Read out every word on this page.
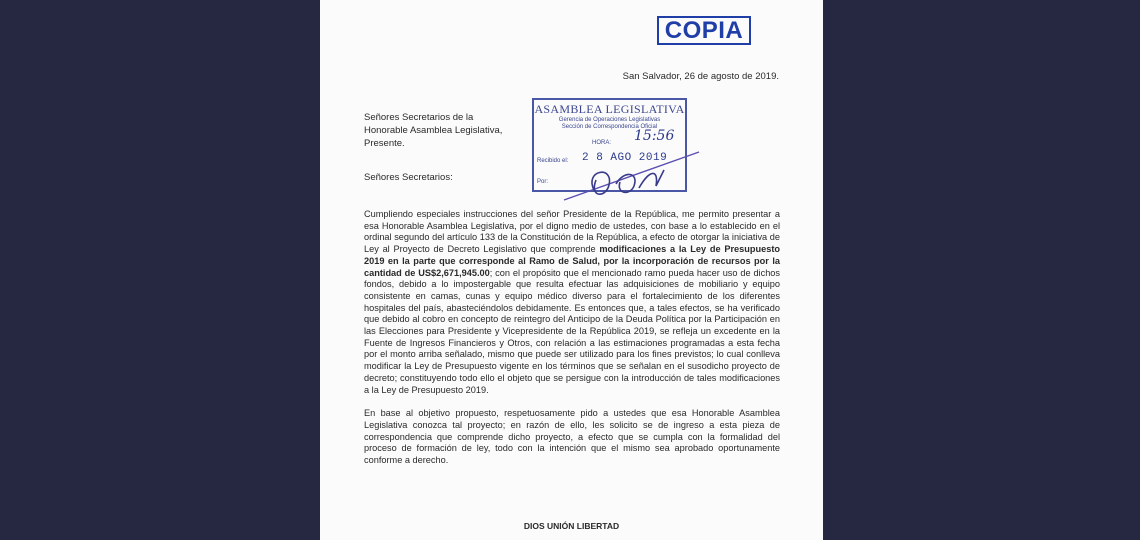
COPIA
San Salvador, 26 de agosto de 2019.
Señores Secretarios de la
Honorable Asamblea Legislativa,
Presente.
ASAMBLEA LEGISLATIVA
Gerencia de Operaciones Legislativas
Sección de Correspondencia Oficial
HORA: 15:56
Recibido el: 2 8 AGO 2019
Por:
Señores Secretarios:

Cumpliendo especiales instrucciones del señor Presidente de la República, me permito presentar a esa Honorable Asamblea Legislativa, por el digno medio de ustedes, con base a lo establecido en el ordinal segundo del artículo 133 de la Constitución de la República, a efecto de otorgar la iniciativa de Ley al Proyecto de Decreto Legislativo que comprende modificaciones a la Ley de Presupuesto 2019 en la parte que corresponde al Ramo de Salud, por la incorporación de recursos por la cantidad de US$2,671,945.00; con el propósito que el mencionado ramo pueda hacer uso de dichos fondos, debido a lo impostergable que resulta efectuar las adquisiciones de mobiliario y equipo consistente en camas, cunas y equipo médico diverso para el fortalecimiento de los diferentes hospitales del país, abasteciéndolos debidamente. Es entonces que, a tales efectos, se ha verificado que debido al cobro en concepto de reintegro del Anticipo de la Deuda Política por la Participación en las Elecciones para Presidente y Vicepresidente de la República 2019, se refleja un excedente en la Fuente de Ingresos Financieros y Otros, con relación a las estimaciones programadas a esta fecha por el monto arriba señalado, mismo que puede ser utilizado para los fines previstos; lo cual conlleva modificar la Ley de Presupuesto vigente en los términos que se señalan en el susodicho proyecto de decreto; constituyendo todo ello el objeto que se persigue con la introducción de tales modificaciones a la Ley de Presupuesto 2019.

En base al objetivo propuesto, respetuosamente pido a ustedes que esa Honorable Asamblea Legislativa conozca tal proyecto; en razón de ello, les solicito se de ingreso a esta pieza de correspondencia que comprende dicho proyecto, a efecto que se cumpla con la formalidad del proceso de formación de ley, todo con la intención que el mismo sea aprobado oportunamente conforme a derecho.

DIOS UNIÓN LIBERTAD
